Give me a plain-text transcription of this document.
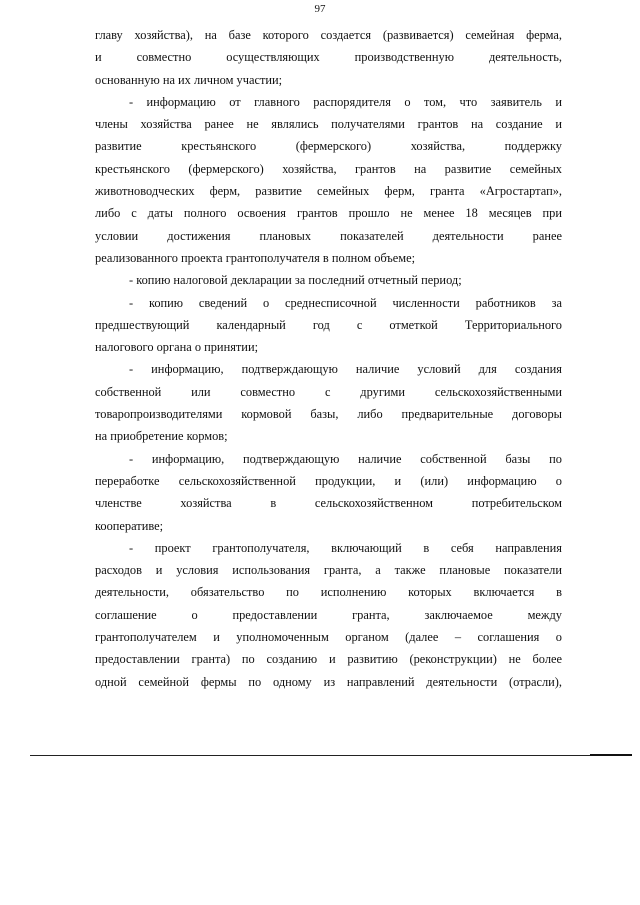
97
главу хозяйства), на базе которого создается (развивается) семейная ферма,
и совместно осуществляющих производственную деятельность,
основанную на их личном участии;
- информацию от главного распорядителя о том, что заявитель и
члены хозяйства ранее не являлись получателями грантов на создание и
развитие крестьянского (фермерского) хозяйства, поддержку
крестьянского (фермерского) хозяйства, грантов на развитие семейных
животноводческих ферм, развитие семейных ферм, гранта «Агростартап»,
либо с даты полного освоения грантов прошло не менее 18 месяцев при
условии достижения плановых показателей деятельности ранее
реализованного проекта грантополучателя в полном объеме;
- копию налоговой декларации за последний отчетный период;
- копию сведений о среднесписочной численности работников за
предшествующий календарный год с отметкой Территориального
налогового органа о принятии;
- информацию, подтверждающую наличие условий для создания
собственной или совместно с другими сельскохозяйственными
товаропроизводителями кормовой базы, либо предварительные договоры
на приобретение кормов;
- информацию, подтверждающую наличие собственной базы по
переработке сельскохозяйственной продукции, и (или) информацию о
членстве хозяйства в сельскохозяйственном потребительском
кооперативе;
- проект грантополучателя, включающий в себя направления
расходов и условия использования гранта, а также плановые показатели
деятельности, обязательство по исполнению которых включается в
соглашение о предоставлении гранта, заключаемое между
грантополучателем и уполномоченным органом (далее – соглашения о
предоставлении гранта) по созданию и развитию (реконструкции) не более
одной семейной фермы по одному из направлений деятельности (отрасли),
